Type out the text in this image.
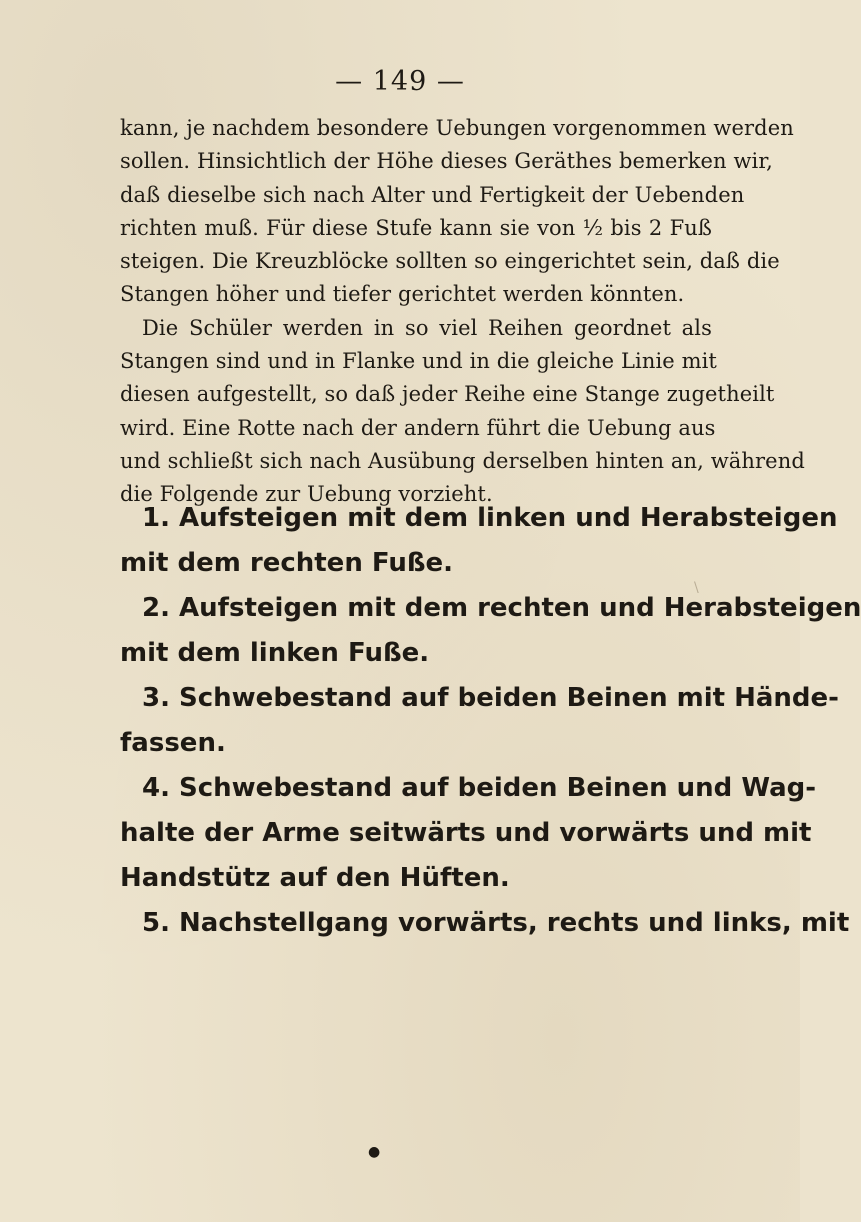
— 149 —
kann, je nachdem besondere Uebungen vorgenommen werden
sollen. Hinsichtlich der Höhe dieses Geräthes bemerken wir,
daß dieselbe sich nach Alter und Fertigkeit der Uebenden
richten muß. Für diese Stufe kann sie von ½ bis 2 Fuß
steigen. Die Kreuzblöcke sollten so eingerichtet sein, daß die
Stangen höher und tiefer gerichtet werden könnten.
Die Schüler werden in so viel Reihen geordnet als
Stangen sind und in Flanke und in die gleiche Linie mit
diesen aufgestellt, so daß jeder Reihe eine Stange zugetheilt
wird. Eine Rotte nach der andern führt die Uebung aus
und schließt sich nach Ausübung derselben hinten an, während
die Folgende zur Uebung vorzieht.
1. Aufsteigen mit dem linken und Herabsteigen
mit dem rechten Fuße.
2. Aufsteigen mit dem rechten und Herabsteigen
mit dem linken Fuße.
3. Schwebestand auf beiden Beinen mit Hände-
fassen.
4. Schwebestand auf beiden Beinen und Wag-
halte der Arme seitwärts und vorwärts und mit
Handstütz auf den Hüften.
5. Nachstellgang vorwärts, rechts und links, mit
\
●
